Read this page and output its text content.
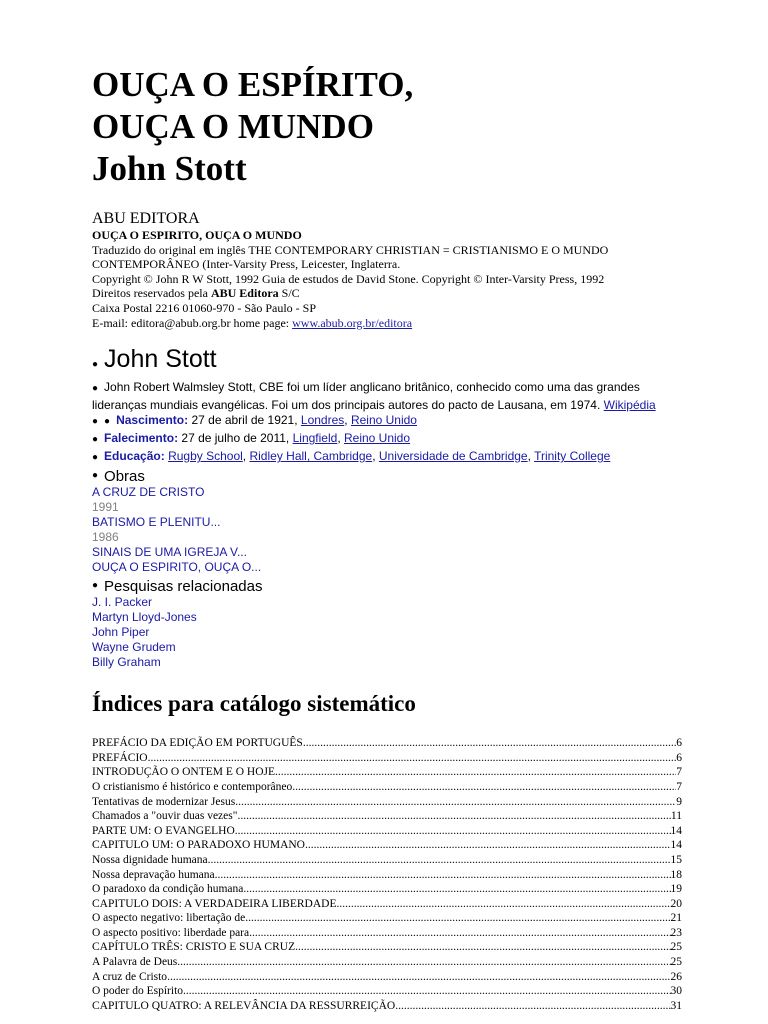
OUÇA O ESPÍRITO,
OUÇA O MUNDO
John Stott
ABU EDITORA
OUÇA O ESPIRITO, OUÇA O MUNDO
Traduzido do original em inglês THE CONTEMPORARY CHRISTIAN = CRISTIANISMO E O MUNDO
CONTEMPORÂNEO (Inter-Varsity Press, Leicester, Inglaterra.
Copyright © John R W Stott, 1992 Guia de estudos de David Stone. Copyright © Inter-Varsity Press, 1992
Direitos reservados pela ABU Editora S/C
Caixa Postal 2216 01060-970 - São Paulo - SP
E-mail: editora@abub.org.br home page: www.abub.org.br/editora
● John Stott
● John Robert Walmsley Stott, CBE foi um líder anglicano britânico, conhecido como uma das grandes
lideranças mundiais evangélicas. Foi um dos principais autores do pacto de Lausana, em 1974. Wikipédia
● ● Nascimento: 27 de abril de 1921, Londres, Reino Unido
● Falecimento: 27 de julho de 2011, Lingfield, Reino Unido
● Educação: Rugby School, Ridley Hall, Cambridge, Universidade de Cambridge, Trinity College
● Obras
A CRUZ DE CRISTO
1991
BATISMO E PLENITU...
1986
SINAIS DE UMA IGREJA V...
OUÇA O ESPIRITO, OUÇA O...
● Pesquisas relacionadas
J. I. Packer
Martyn Lloyd-Jones
John Piper
Wayne Grudem
Billy Graham
Índices para catálogo sistemático
PREFÁCIO DA EDIÇÃO EM PORTUGUÊS .....	6
PREFÁCIO .....	6
INTRODUÇÃO O ONTEM E O HOJE .....	7
O cristianismo é histórico e contemporâneo .....	7
Tentativas de modernizar Jesus .....	9
Chamados a "ouvir duas vezes" .....	11
PARTE UM: O EVANGELHO .....	14
CAPITULO UM: O PARADOXO HUMANO .....	14
Nossa dignidade humana .....	15
Nossa depravação humana .....	18
O paradoxo da condição humana .....	19
CAPITULO DOIS: A VERDADEIRA LIBERDADE .....	20
O aspecto negativo: libertação de .....	21
O aspecto positivo: liberdade para .....	23
CAPÍTULO TRÊS: CRISTO E SUA CRUZ .....	25
A Palavra de Deus .....	25
A cruz de Cristo .....	26
O poder do Espírito .....	30
CAPITULO QUATRO: A RELEVÂNCIA DA RESSURREIÇÃO .....	31
